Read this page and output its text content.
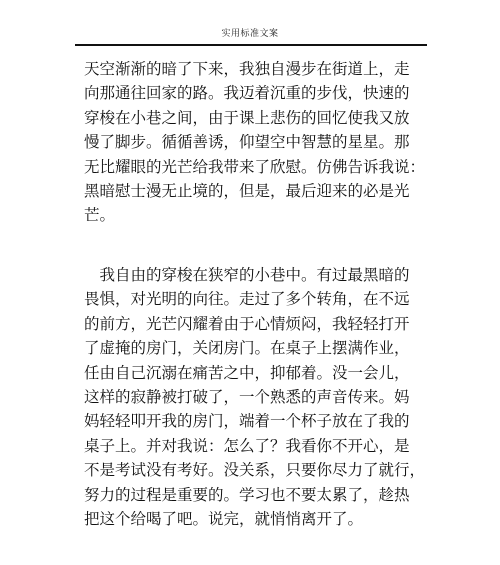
实用标准文案
天空渐渐的暗了下来，我独自漫步在街道上，走
向那通往回家的路。我迈着沉重的步伐，快速的
穿梭在小巷之间，由于课上悲伤的回忆使我又放
慢了脚步。循循善诱，仰望空中智慧的星星。那
无比耀眼的光芒给我带来了欣慰。仿佛告诉我说：
黑暗慰士漫无止境的，但是，最后迎来的必是光
芒。
　我自由的穿梭在狭窄的小巷中。有过最黑暗的
畏惧，对光明的向往。走过了多个转角，在不远
的前方，光芒闪耀着由于心情烦闷，我轻轻打开
了虚掩的房门，关闭房门。在桌子上摆满作业，
任由自己沉溺在痛苦之中，抑郁着。没一会儿，
这样的寂静被打破了，一个熟悉的声音传来。妈
妈轻轻叩开我的房门，端着一个杯子放在了我的
桌子上。并对我说：怎么了？我看你不开心，是
不是考试没有考好。没关系，只要你尽力了就行，
努力的过程是重要的。学习也不要太累了，趁热
把这个给喝了吧。说完，就悄悄离开了。
